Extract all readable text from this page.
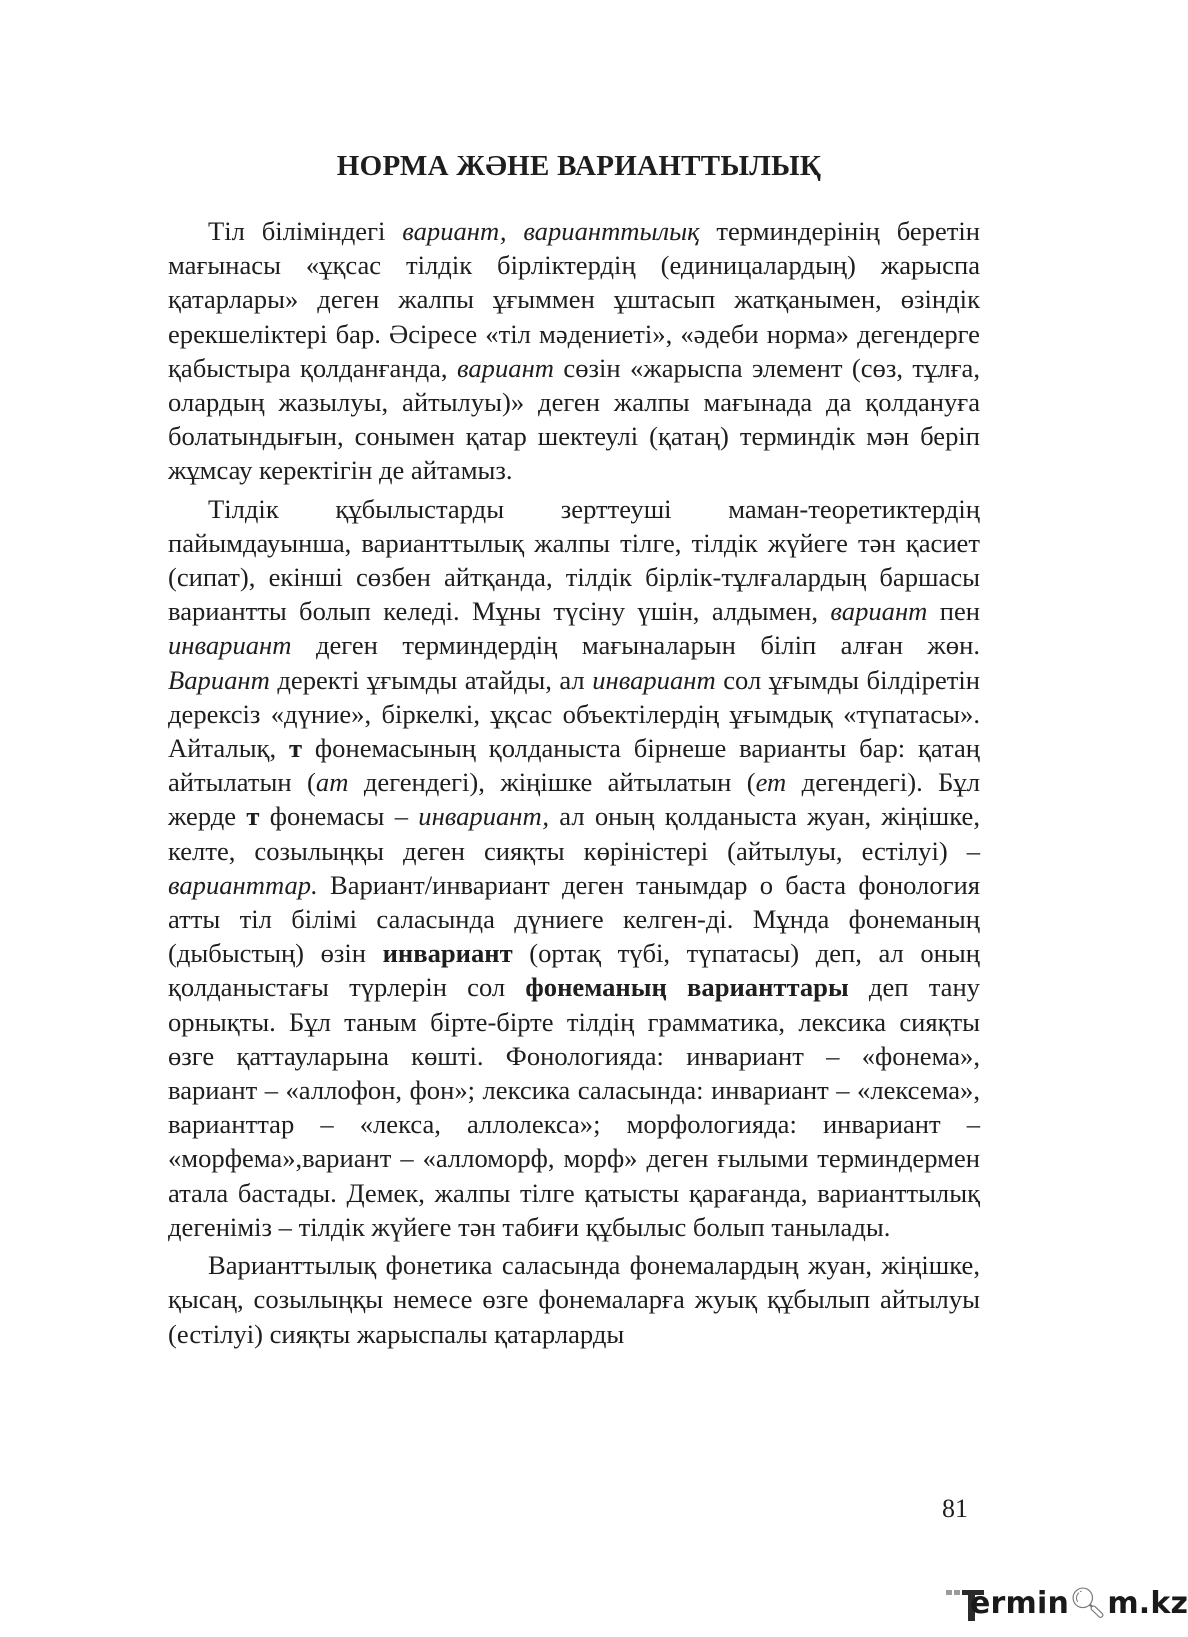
НОРМА ЖӘНЕ ВАРИАНТТЫЛЫҚ

Тіл біліміндегі вариант, варианттылық терминдерінің беретін мағынасы «ұқсас тілдік бірліктердің (единицалардың) жарыспа қатарлары» деген жалпы ұғыммен ұштасып жатқанымен, өзіндік ерекшеліктері бар. Әсіресе «тіл мәдениеті», «әдеби норма» дегендерге қабыстыра қолданғанда, вариант сөзін «жарыспа элемент (сөз, тұлға, олардың жазылуы, айтылуы)» деген жалпы мағынада да қолдануға болатындығын, сонымен қатар шектеулі (қатаң) терминдік мән беріп жұмсау керектігін де айтамыз.

Тілдік құбылыстарды зерттеуші маман-теоретиктердің пайымдауынша, варианттылық жалпы тілге, тілдік жүйеге тән қасиет (сипат), екінші сөзбен айтқанда, тілдік бірлік-тұлғалардың баршасы вариантты болып келеді. Мұны түсіну үшін, алдымен, вариант пен инвариант деген терминдердің мағыналарын біліп алған жөн. Вариант деректі ұғымды атайды, ал инвариант сол ұғымды білдіретін дерексіз «дүние», біркелкі, ұқсас объектілердің ұғымдық «түпатасы». Айталық, т фонемасының қолданыста бірнеше варианты бар: қатаң айтылатын (ат дегендегі), жіңішке айтылатын (ет дегендегі). Бұл жерде т фонемасы – инвариант, ал оның қолданыста жуан, жіңішке, келте, созылыңқы деген сияқты көріністері (айтылуы, естілуі) – варианттар. Вариант/инвариант деген танымдар о баста фонология атты тіл білімі саласында дүниеге келген-ді. Мұнда фонеманың (дыбыстың) өзін инвариант (ортақ түбі, түпатасы) деп, ал оның қолданыстағы түрлерін сол фонеманың варианттары деп тану орнықты. Бұл таным бірте-бірте тілдің грамматика, лексика сияқты өзге қаттауларына көшті. Фонологияда: инвариант – «фонема», вариант – «аллофон, фон»; лексика саласында: инвариант – «лексема», варианттар – «лекса, аллолекса»; морфологияда: инвариант – «морфема»,вариант – «алломорф, морф» деген ғылыми терминдермен атала бастады. Демек, жалпы тілге қатысты қарағанда, варианттылық дегеніміз – тілдік жүйеге тән табиғи құбылыс болып танылады.

Варианттылық фонетика саласында фонемалардың жуан, жіңішке, қысаң, созылыңқы немесе өзге фонемаларға жуық құбылып айтылуы (естілуі) сияқты жарыспалы қатарларды

81
ermin🔍︎m.kz
